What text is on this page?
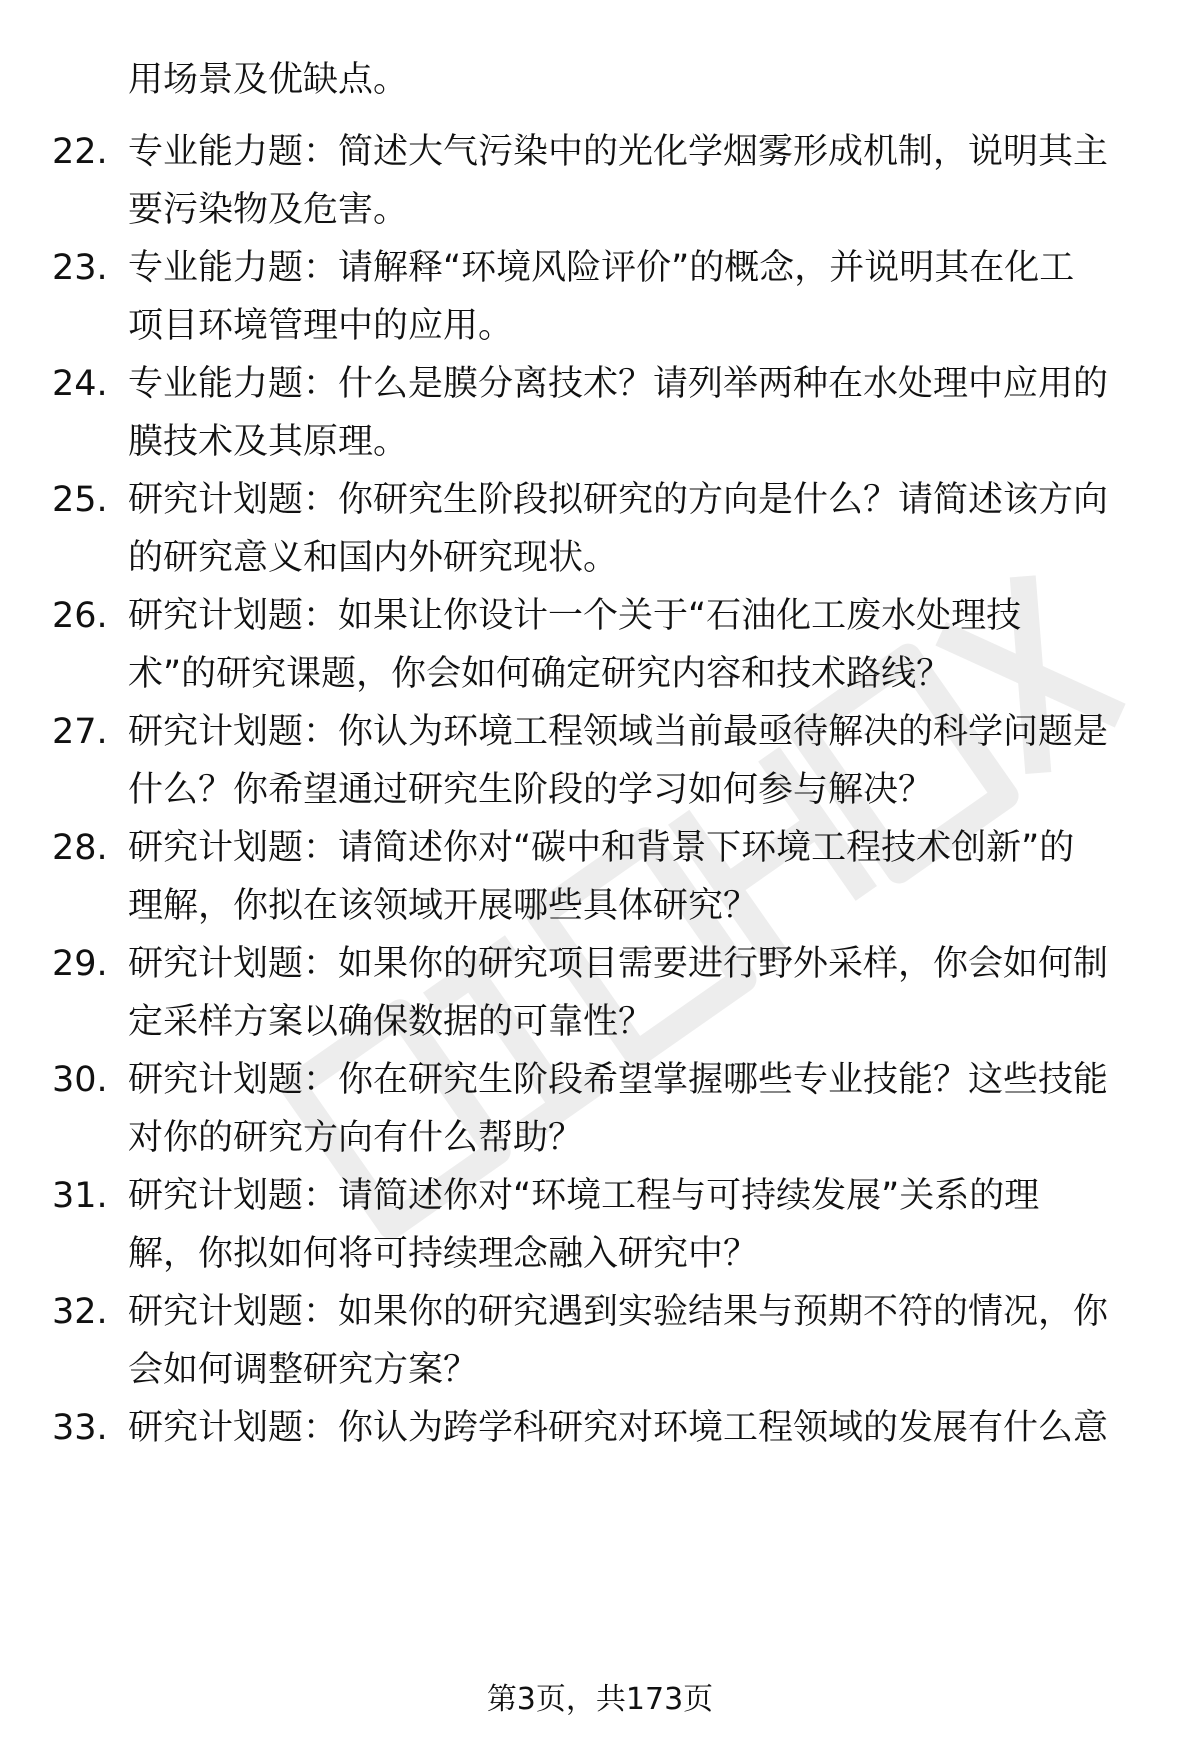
用场景及优缺点。
22. 专业能力题：简述大气污染中的光化学烟雾形成机制，说明其主
要污染物及危害。
23. 专业能力题：请解释“环境风险评价”的概念，并说明其在化工
项目环境管理中的应用。
24. 专业能力题：什么是膜分离技术？请列举两种在水处理中应用的
膜技术及其原理。
25. 研究计划题：你研究生阶段拟研究的方向是什么？请简述该方向
的研究意义和国内外研究现状。
26. 研究计划题：如果让你设计一个关于“石油化工废水处理技
术”的研究课题，你会如何确定研究内容和技术路线？
27. 研究计划题：你认为环境工程领域当前最亟待解决的科学问题是
什么？你希望通过研究生阶段的学习如何参与解决？
28. 研究计划题：请简述你对“碳中和背景下环境工程技术创新”的
理解，你拟在该领域开展哪些具体研究？
29. 研究计划题：如果你的研究项目需要进行野外采样，你会如何制
定采样方案以确保数据的可靠性？
30. 研究计划题：你在研究生阶段希望掌握哪些专业技能？这些技能
对你的研究方向有什么帮助？
31. 研究计划题：请简述你对“环境工程与可持续发展”关系的理
解，你拟如何将可持续理念融入研究中？
32. 研究计划题：如果你的研究遇到实验结果与预期不符的情况，你
会如何调整研究方案？
33. 研究计划题：你认为跨学科研究对环境工程领域的发展有什么意
第3页，共173页
